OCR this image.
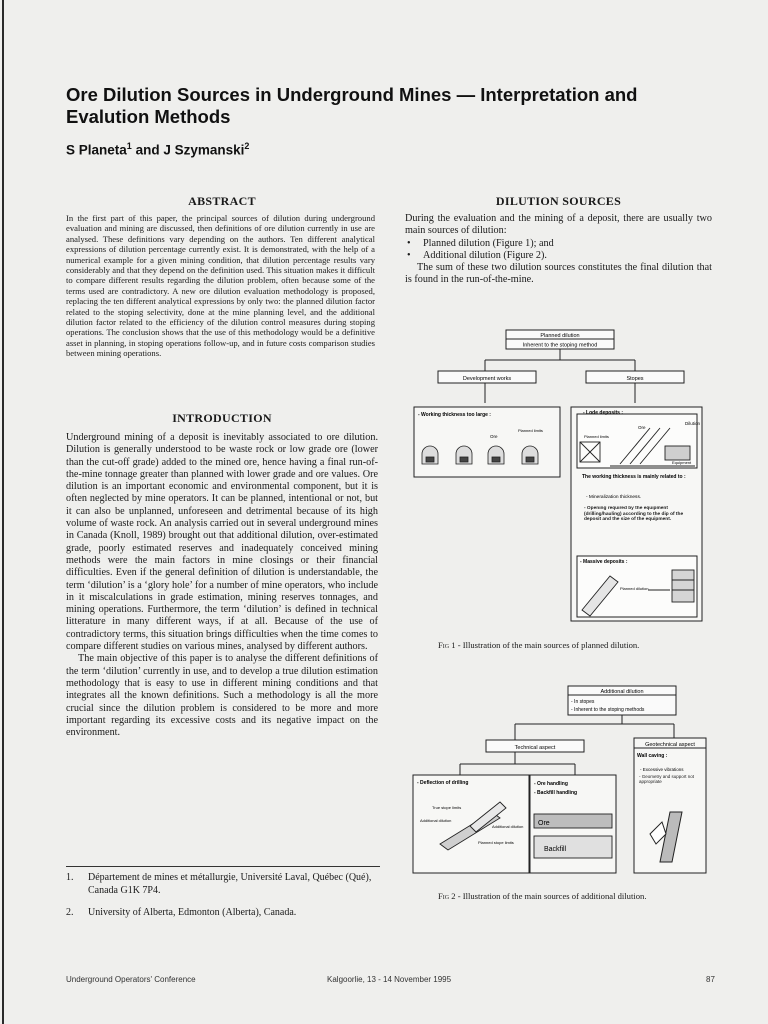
Ore Dilution Sources in Underground Mines — Interpretation and Evalution Methods

S Planeta$^1$ and J Szymanski$^2$

ABSTRACT

In the first part of this paper, the principal sources of dilution during underground evaluation and mining are discussed, then definitions of ore dilution currently in use are analysed. These definitions vary depending on the authors. Ten different analytical expressions of dilution percentage currently exist. It is demonstrated, with the help of a numerical example for a given mining condition, that dilution percentage results vary considerably and that they depend on the definition used. This situation makes it difficult to compare different results regarding the dilution problem, often because some of the terms used are contradictory. A new ore dilution evaluation methodology is proposed, replacing the ten different analytical expressions by only two: the planned dilution factor related to the stoping selectivity, done at the mine planning level, and the additional dilution factor related to the efficiency of the dilution control measures during stoping operations. The conclusion shows that the use of this methodology would be a definitive asset in planning, in stoping operations follow-up, and in future costs comparison studies between mining operations.

INTRODUCTION

Underground mining of a deposit is inevitably associated to ore dilution. Dilution is generally understood to be waste rock or low grade ore (lower than the cut-off grade) added to the mined ore, hence having a final run-of-the-mine tonnage greater than planned with lower grade and ore values. Ore dilution is an important economic and environmental component, but it is often neglected by mine operators. It can be planned, intentional or not, but it can also be unplanned, unforeseen and detrimental because of its high volume of waste rock. An analysis carried out in several underground mines in Canada (Knoll, 1989) brought out that additional dilution, over-estimated grade, poorly estimated reserves and inadequately conceived mining methods were the main factors in mine closings or their financial difficulties. Even if the general definition of dilution is understandable, the term ‘dilution’ is a ‘glory hole’ for a number of mine operators, who include in it miscalculations in grade estimation, mining reserves tonnages, and mining operations. Furthermore, the term ‘dilution’ is defined in technical litterature in many different ways, if at all. Because of the use of contradictory terms, this situation brings difficulties when the time comes to compare different studies on various mines, analysed by different authors.

The main objective of this paper is to analyse the different definitions of the term ‘dilution’ currently in use, and to develop a true dilution estimation methodology that is easy to use in different mining conditions and that integrates all the known definitions. Such a methodology is all the more crucial since the dilution problem is considered to be more and more important regarding its excessive costs and its negative impact on the environment.

DILUTION SOURCES

During the evaluation and the mining of a deposit, there are usually two main sources of dilution:

• Planned dilution (Figure 1); and
• Additional dilution (Figure 2).

The sum of these two dilution sources constitutes the final dilution that is found in the run-of-the-mine.

Planned dilution
Inherent to the stoping method
Development works	Stopes
- Working thickness too large :
Ore
Planned limits
- Lode deposits :
Ore
Dilution
Planned limits
Equipment
The working thickness is mainly related to :
- Mineralization thickness.
- Opening required by the equipment (drilling/hauling) according to the dip of the deposit and the size of the equipment.
- Massive deposits :
Planned dilution

Fig 1 - Illustration of the main sources of planned dilution.

Additional dilution
- In stopes
- Inherent to the stoping methods
Technical aspect	Geotechnical aspect
Wall caving :
- Excessive vibrations
- Geometry and support not appropriate
- Deflection of drilling
True stope limits
Additional dilution
Additional dilution
Planned stope limits
- Ore handling
- Backfill handling
Ore
Backfill

Fig 2 - Illustration of the main sources of additional dilution.

1. Département de mines et métallurgie, Université Laval, Québec (Qué), Canada G1K 7P4.

2. University of Alberta, Edmonton (Alberta), Canada.

Underground Operators' Conference	Kalgoorlie, 13 - 14 November 1995	87
